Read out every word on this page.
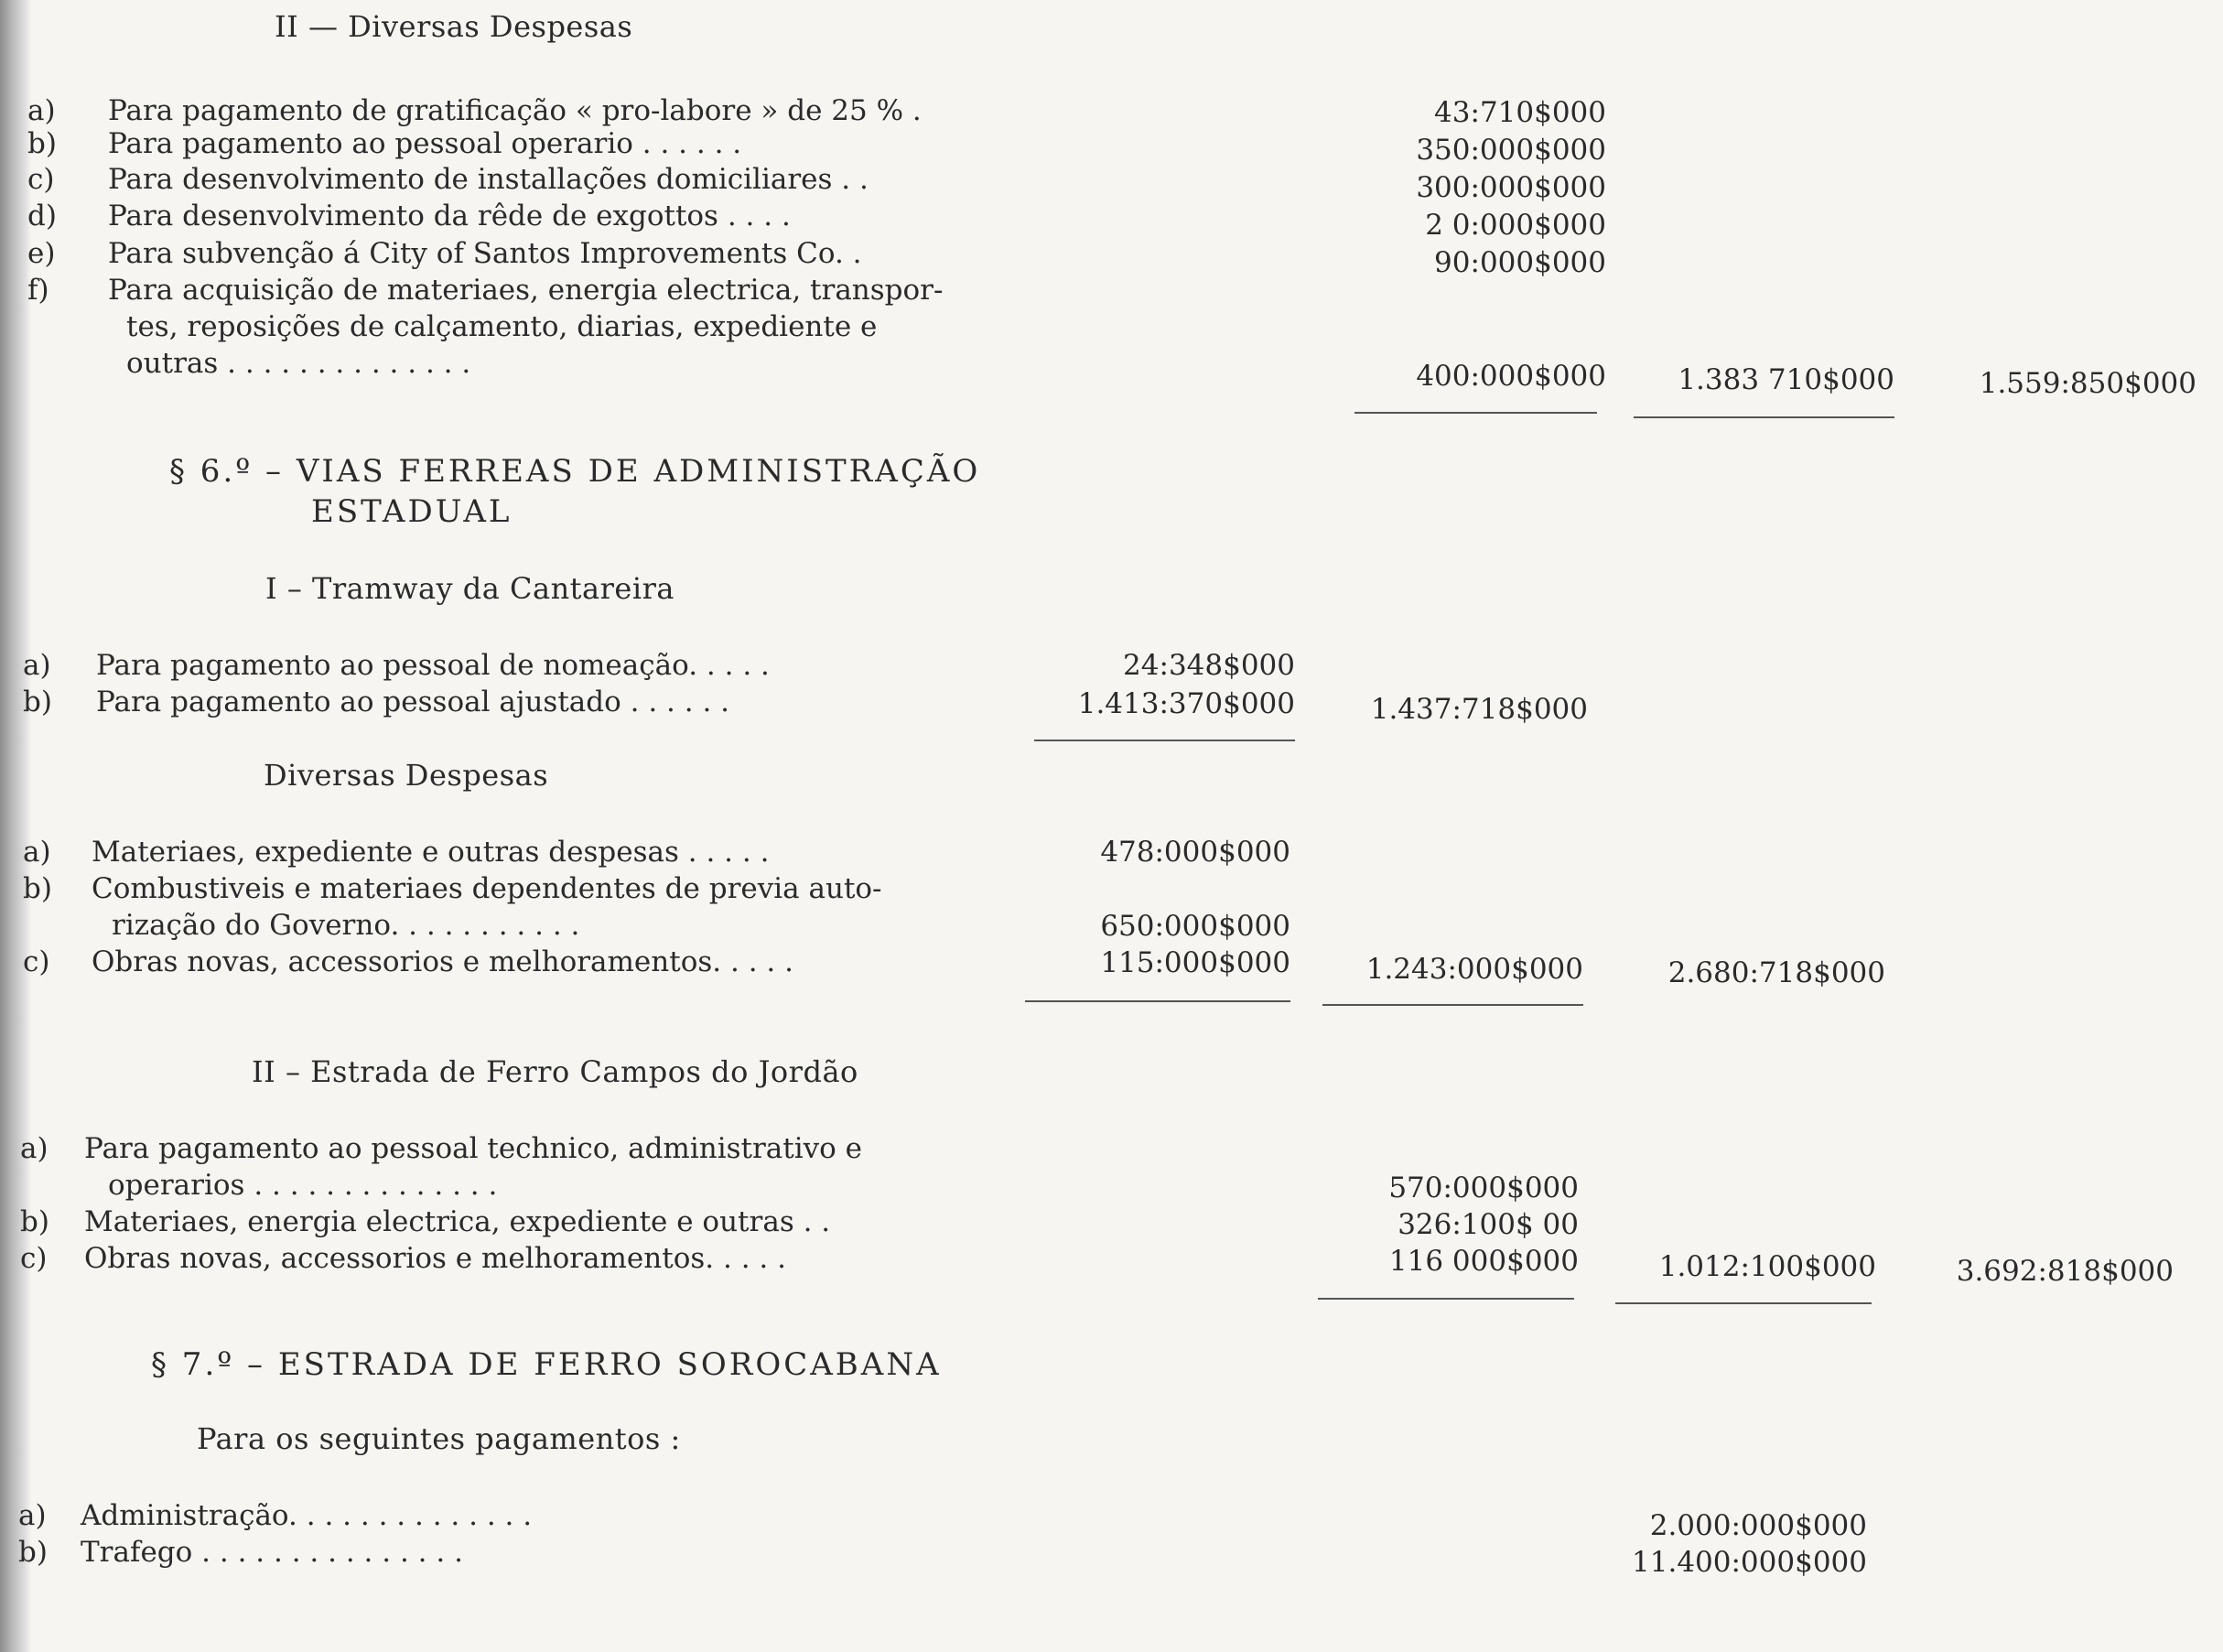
II — Diversas Despesas
a) Para pagamento de gratificação « pro-labore » de 25 % .	43:710$000
b) Para pagamento ao pessoal operario . . . . . .	350:000$000
c) Para desenvolvimento de installações domiciliares . .	300:000$000
d) Para desenvolvimento da rêde de exgottos . . . .	2 0:000$000
e) Para subvenção á City of Santos Improvements Co. .	90:000$000
f) Para acquisição de materiaes, energia electrica, transpor-
tes, reposições de calçamento, diarias, expediente e
outras . . . . . . . . . . . . . .	400:000$000	1.383 710$000	1.559:850$000
§ 6.º – VIAS FERREAS DE ADMINISTRAÇÃO
ESTADUAL
I – Tramway da Cantareira
a) Para pagamento ao pessoal de nomeação. . . . .	24:348$000
b) Para pagamento ao pessoal ajustado . . . . . .	1.413:370$000	1.437:718$000
Diversas Despesas
a) Materiaes, expediente e outras despesas . . . . .	478:000$000
b) Combustiveis e materiaes dependentes de previa auto-
rização do Governo. . . . . . . . . . .	650:000$000
c) Obras novas, accessorios e melhoramentos. . . . .	115:000$000	1.243:000$000	2.680:718$000
II – Estrada de Ferro Campos do Jordão
a) Para pagamento ao pessoal technico, administrativo e
operarios . . . . . . . . . . . . . .	570:000$000
b) Materiaes, energia electrica, expediente e outras . .	326:100$ 00
c) Obras novas, accessorios e melhoramentos. . . . .	116 000$000	1.012:100$000	3.692:818$000
§ 7.º – ESTRADA DE FERRO SOROCABANA
Para os seguintes pagamentos :
a) Administração. . . . . . . . . . . . . .	2.000:000$000
b) Trafego . . . . . . . . . . . . . . .	11.400:000$000
